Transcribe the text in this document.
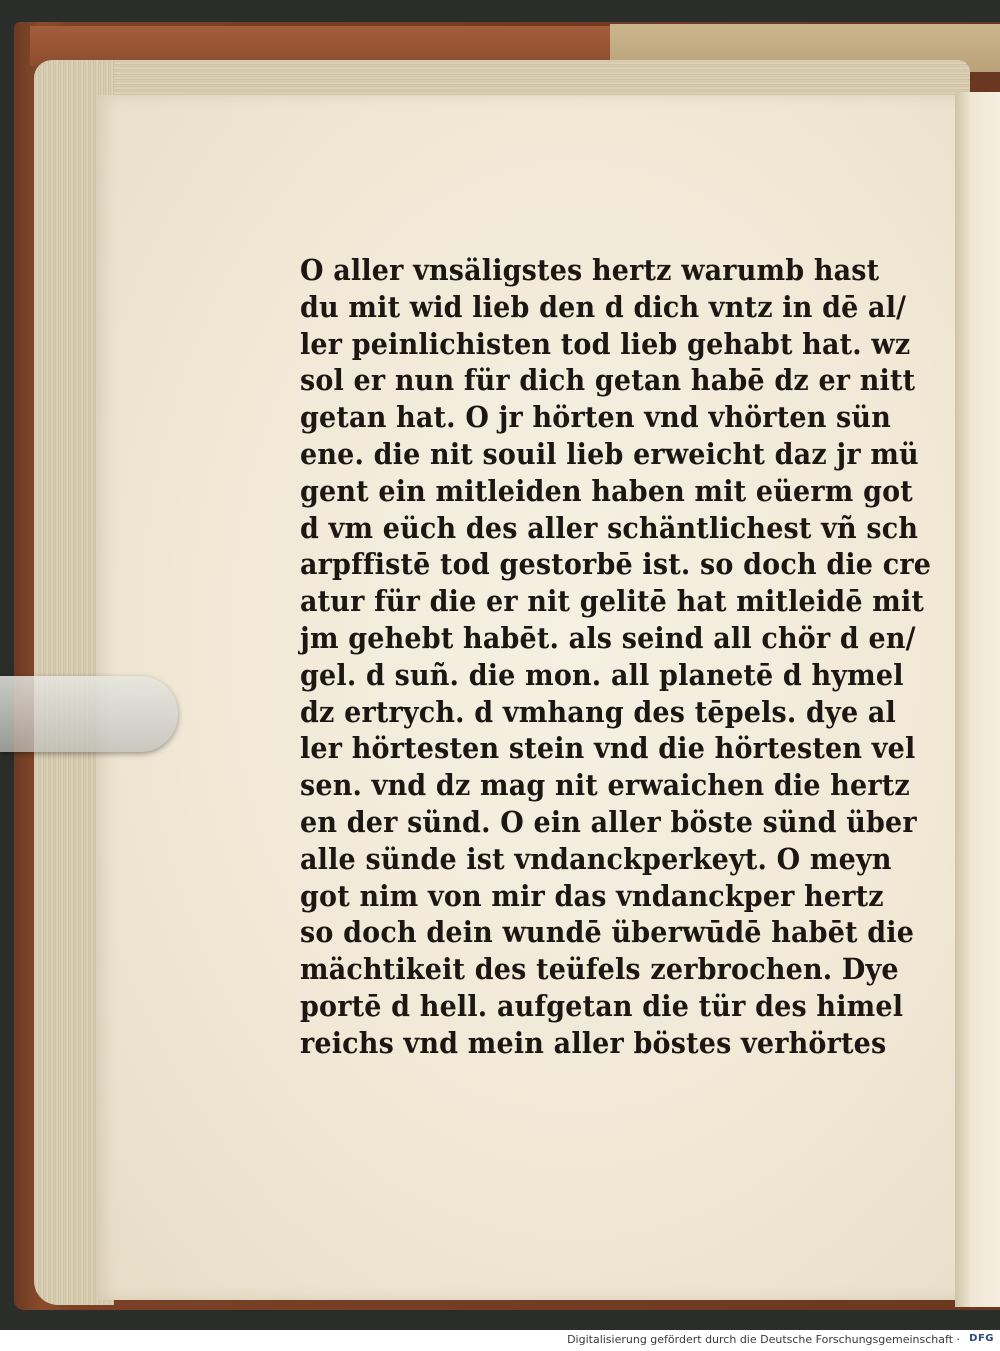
O aller vnsäligstes hertz warumb hast
du mit wid lieb den d dich vntz in dē al/
ler peinlichisten tod lieb gehabt hat. wz
sol er nun für dich getan habē dz er nitt
getan hat. O jr hörten vnd vhörten sün
ene. die nit souil lieb erweicht daz jr mü
gent ein mitleiden haben mit eüerm got
d vm eüch des aller schäntlichest vñ sch
arpffistē tod gestorbē ist. so doch die cre
atur für die er nit gelitē hat mitleidē mit
jm gehebt habēt. als seind all chör d en/
gel. d suñ. die mon. all planetē d hymel
dz ertrych. d vmhang des tēpels. dye al
ler hörtesten stein vnd die hörtesten vel
sen. vnd dz mag nit erwaichen die hertz
en der sünd. O ein aller böste sünd über
alle sünde ist vndanckperkeyt. O meyn
got nim von mir das vndanckper hertz
so doch dein wundē überwūdē habēt die
mächtikeit des teüfels zerbrochen. Dye
portē d hell. aufgetan die tür des himel
reichs vnd mein aller böstes verhörtes
Digitalisierung gefördert durch die Deutsche Forschungsgemeinschaft · DFG
